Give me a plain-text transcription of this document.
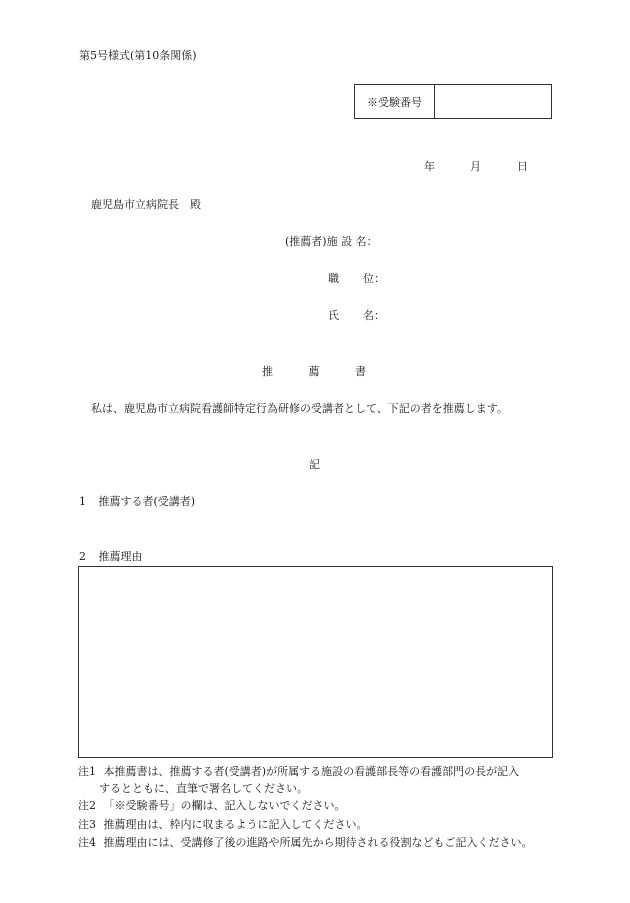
第5号様式(第10条関係)
※受験番号
年	月	日
鹿児島市立病院長　殿
(推薦者)施 設 名：
職 位：
氏 名：
推	薦	書
私は、鹿児島市立病院看護師特定行為研修の受講者として、下記の者を推薦します。
記
1 推薦する者(受講者)
2 推薦理由
注1 本推薦書は、推薦する者(受講者)が所属する施設の看護部長等の看護部門の長が記入
するとともに、直筆で署名してください。
注2 「※受験番号」の欄は、記入しないでください。
注3 推薦理由は、枠内に収まるように記入してください。
注4 推薦理由には、受講修了後の進路や所属先から期待される役割などもご記入ください。
